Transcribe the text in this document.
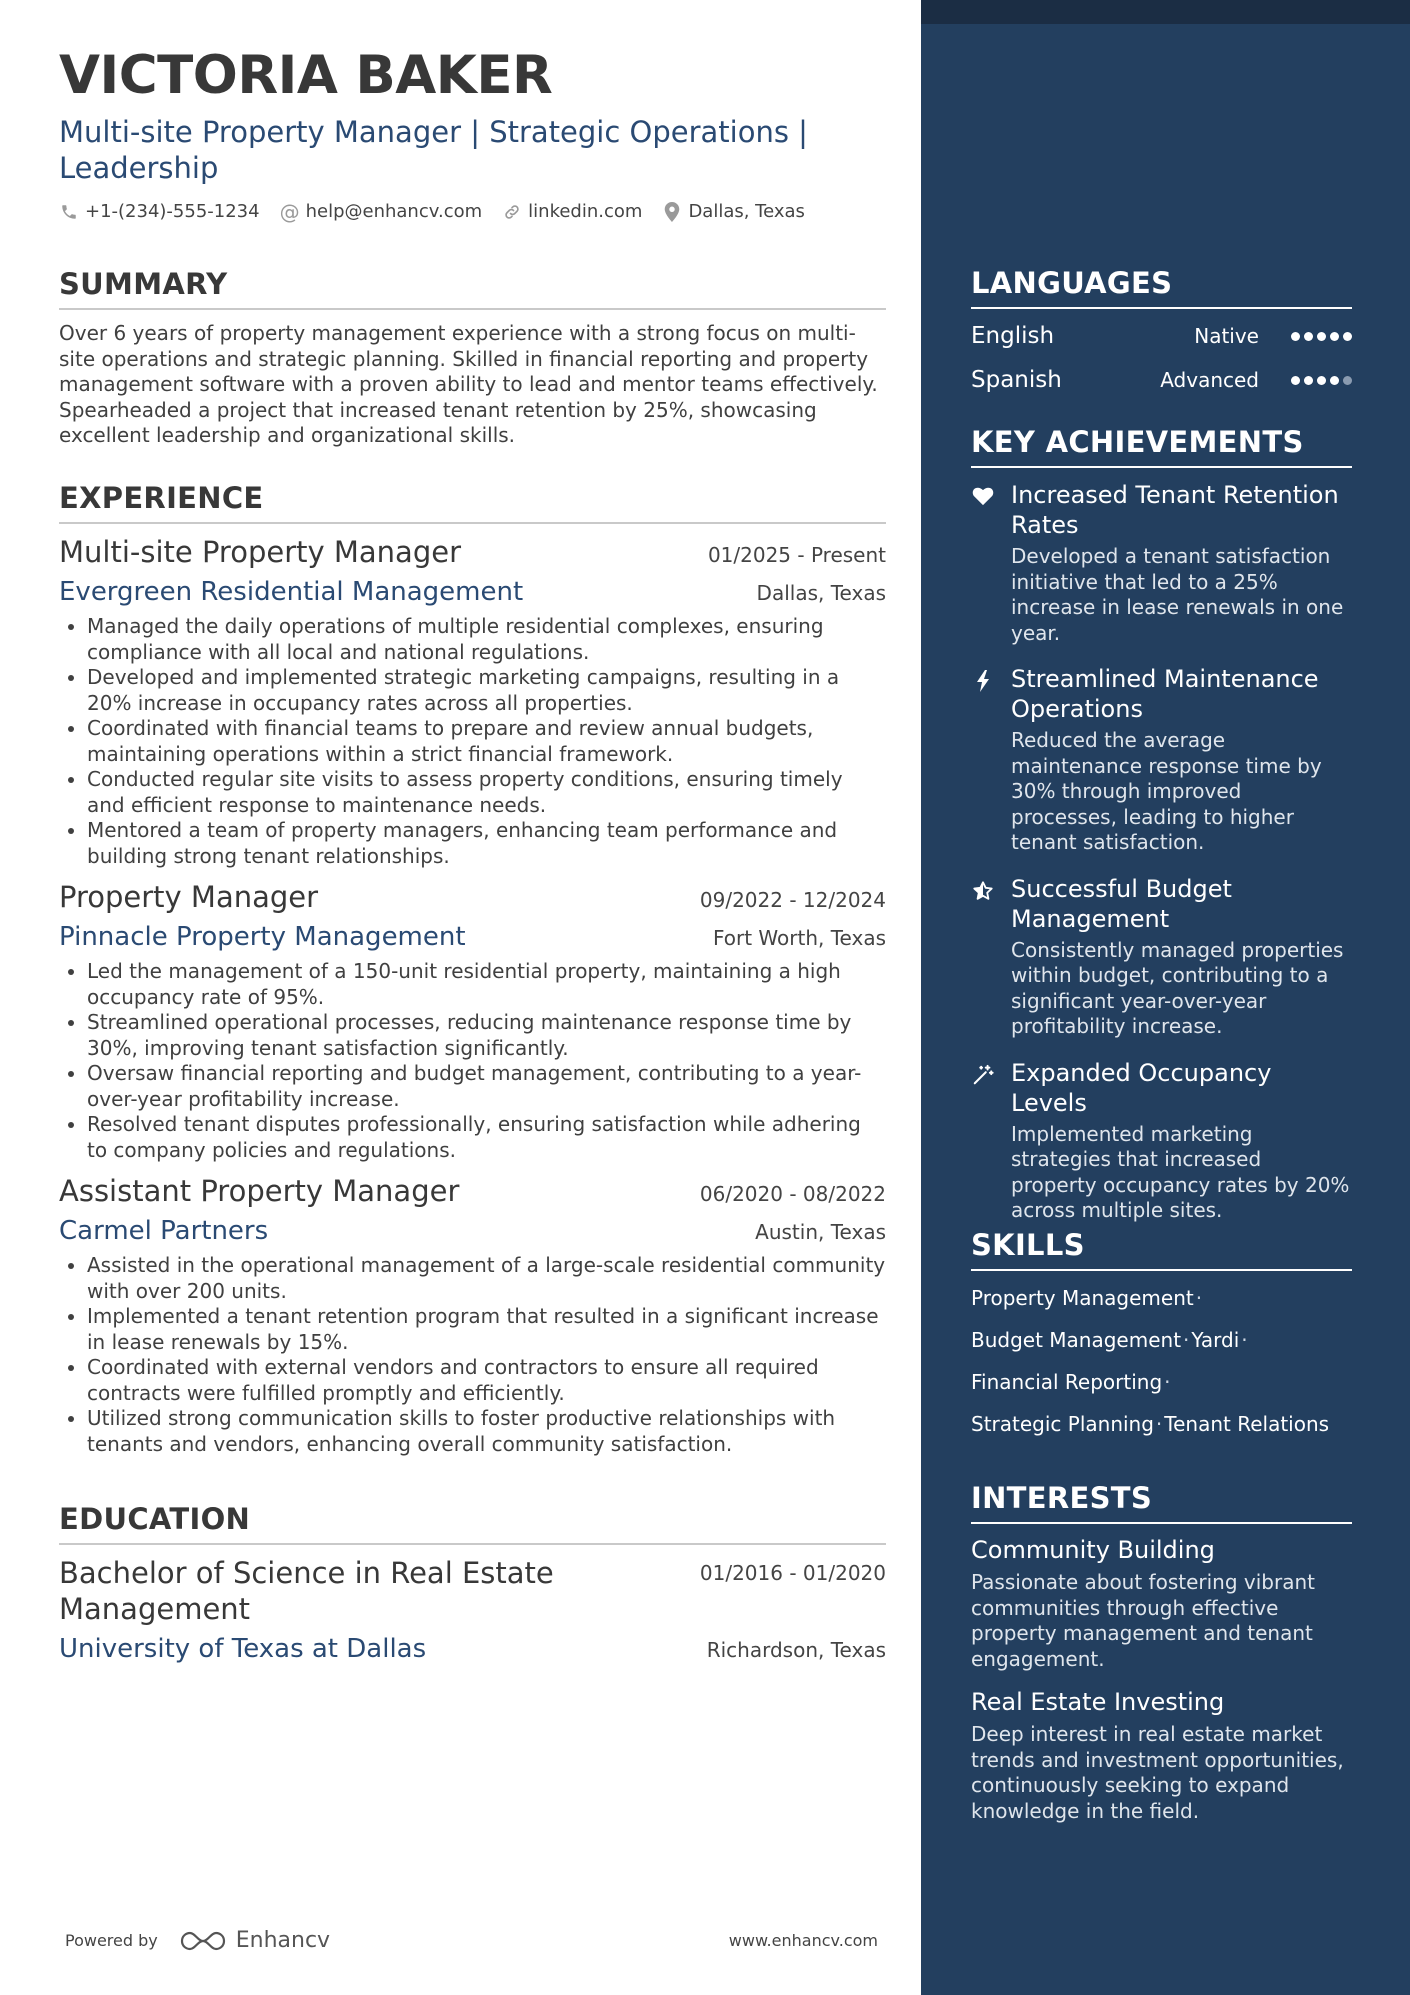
VICTORIA BAKER
Multi-site Property Manager | Strategic Operations | Leadership
+1-(234)-555-1234 @ help@enhancv.com	linkedin.com	Dallas, Texas
SUMMARY
Over 6 years of property management experience with a strong focus on multi-site operations and strategic planning. Skilled in financial reporting and property management software with a proven ability to lead and mentor teams effectively. Spearheaded a project that increased tenant retention by 25%, showcasing excellent leadership and organizational skills.
EXPERIENCE
Multi-site Property Manager	01/2025 - Present
Evergreen Residential Management	Dallas, Texas
• Managed the daily operations of multiple residential complexes, ensuring compliance with all local and national regulations.
• Developed and implemented strategic marketing campaigns, resulting in a 20% increase in occupancy rates across all properties.
• Coordinated with financial teams to prepare and review annual budgets, maintaining operations within a strict financial framework.
• Conducted regular site visits to assess property conditions, ensuring timely and efficient response to maintenance needs.
• Mentored a team of property managers, enhancing team performance and building strong tenant relationships.
Property Manager	09/2022 - 12/2024
Pinnacle Property Management	Fort Worth, Texas
• Led the management of a 150-unit residential property, maintaining a high occupancy rate of 95%.
• Streamlined operational processes, reducing maintenance response time by 30%, improving tenant satisfaction significantly.
• Oversaw financial reporting and budget management, contributing to a year-over-year profitability increase.
• Resolved tenant disputes professionally, ensuring satisfaction while adhering to company policies and regulations.
Assistant Property Manager	06/2020 - 08/2022
Carmel Partners	Austin, Texas
• Assisted in the operational management of a large-scale residential community with over 200 units.
• Implemented a tenant retention program that resulted in a significant increase in lease renewals by 15%.
• Coordinated with external vendors and contractors to ensure all required contracts were fulfilled promptly and efficiently.
• Utilized strong communication skills to foster productive relationships with tenants and vendors, enhancing overall community satisfaction.
EDUCATION
Bachelor of Science in Real Estate Management
01/2016 - 01/2020
University of Texas at Dallas	Richardson, Texas
Powered by	Enhancv	www.enhancv.com
LANGUAGES
English	Native
Spanish	Advanced
KEY ACHIEVEMENTS
Increased Tenant Retention Rates
Developed a tenant satisfaction initiative that led to a 25% increase in lease renewals in one year.
Streamlined Maintenance Operations
Reduced the average maintenance response time by 30% through improved processes, leading to higher tenant satisfaction.
Successful Budget Management
Consistently managed properties within budget, contributing to a significant year-over-year profitability increase.
Expanded Occupancy Levels
Implemented marketing strategies that increased property occupancy rates by 20% across multiple sites.
SKILLS
Property Management ·
Budget Management · Yardi ·
Financial Reporting ·
Strategic Planning · Tenant Relations
INTERESTS
Community Building
Passionate about fostering vibrant communities through effective property management and tenant engagement.
Real Estate Investing
Deep interest in real estate market trends and investment opportunities, continuously seeking to expand knowledge in the field.
